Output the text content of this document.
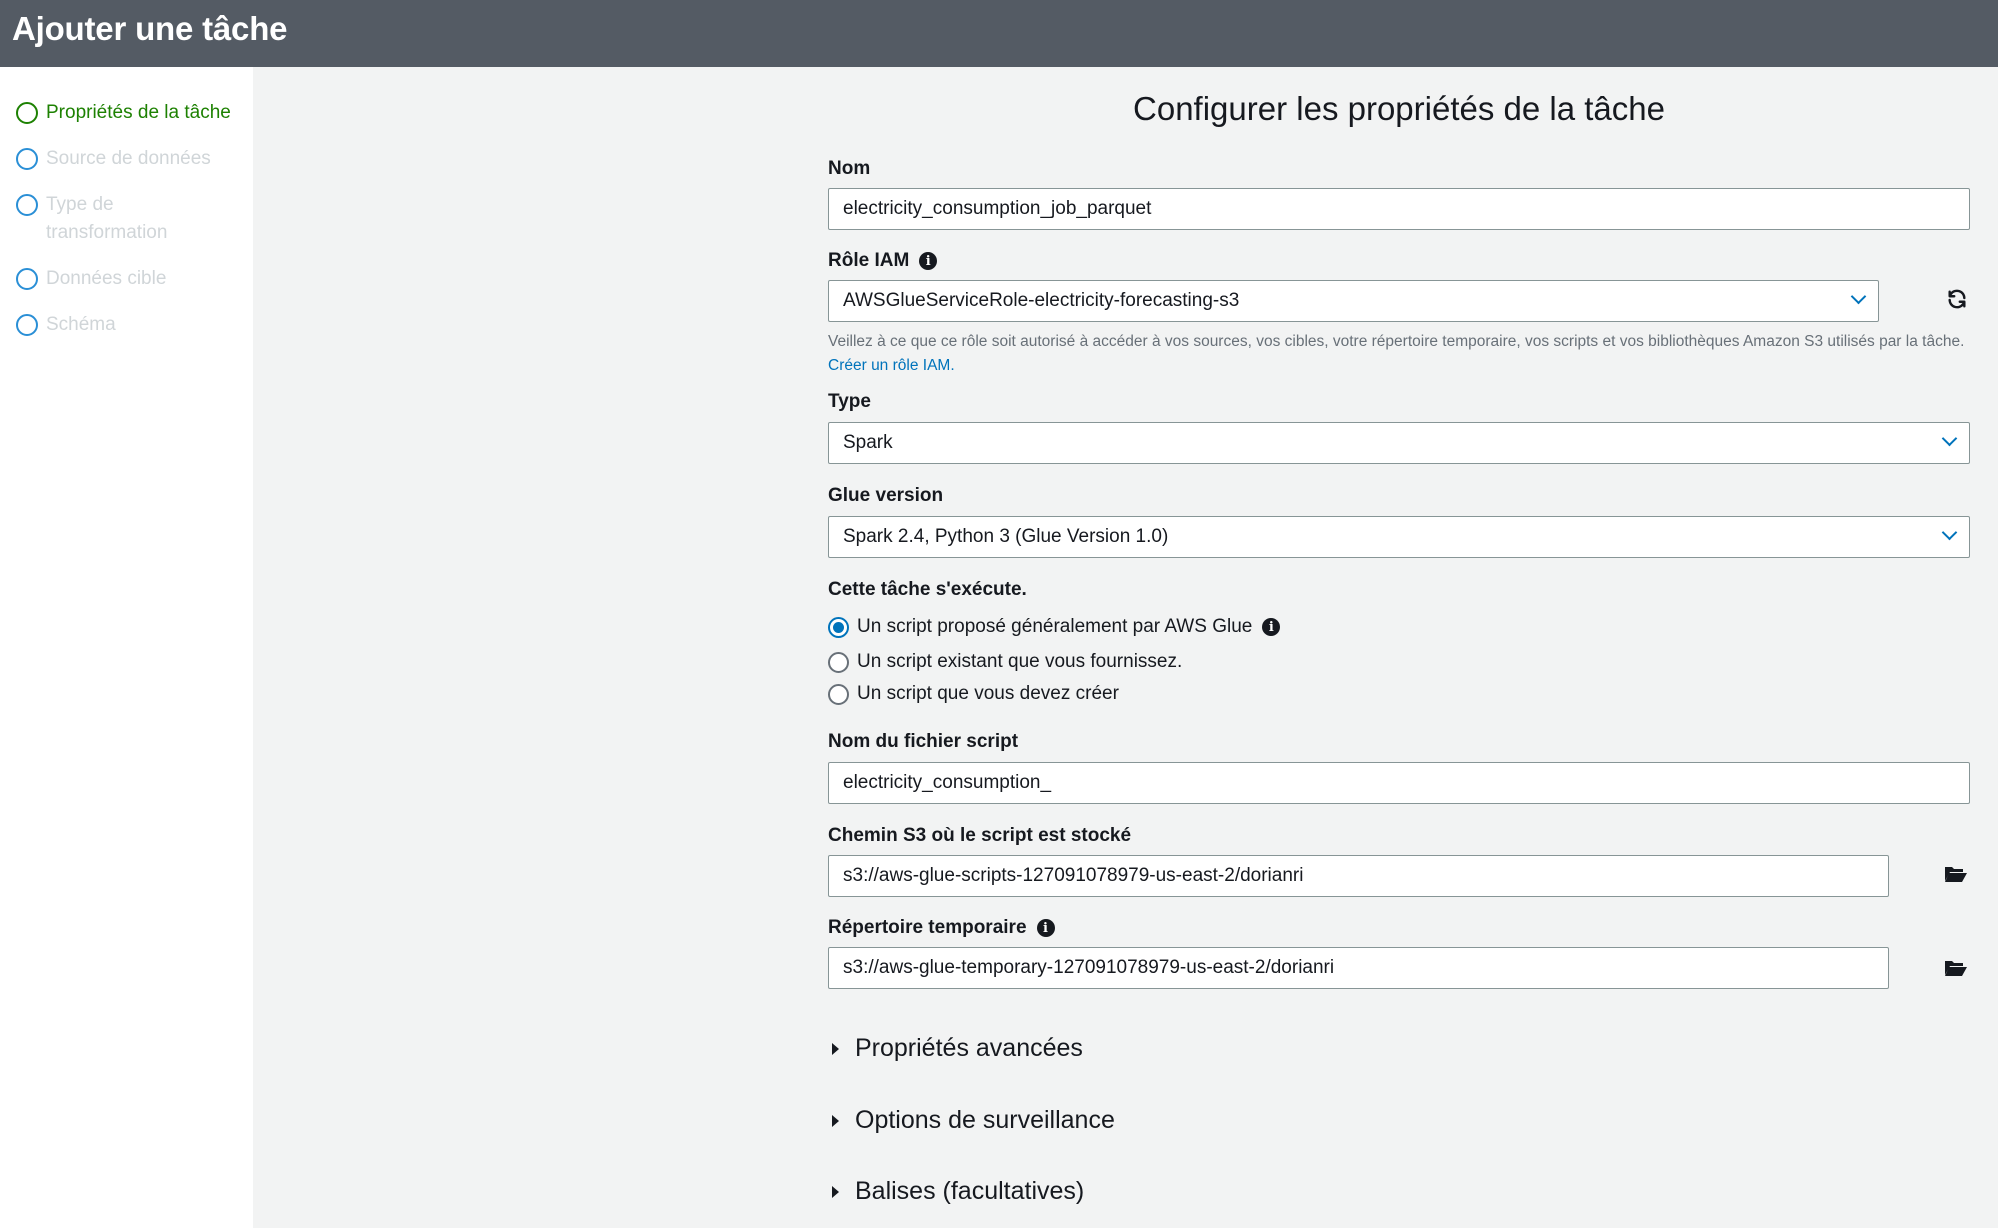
Ajouter une tâche
Propriétés de la tâche
Source de données
Type de transformation
Données cible
Schéma
Configurer les propriétés de la tâche
Nom
electricity_consumption_job_parquet
Rôle IAM	i
AWSGlueServiceRole-electricity-forecasting-s3
Veillez à ce que ce rôle soit autorisé à accéder à vos sources, vos cibles, votre répertoire temporaire, vos scripts et vos bibliothèques Amazon S3 utilisés par la tâche. Créer un rôle IAM.
Type
Spark
Glue version
Spark 2.4, Python 3 (Glue Version 1.0)
Cette tâche s'exécute.
Un script proposé généralement par AWS Glue	i
Un script existant que vous fournissez.
Un script que vous devez créer
Nom du fichier script
electricity_consumption_
Chemin S3 où le script est stocké
s3://aws-glue-scripts-127091078979-us-east-2/dorianri
Répertoire temporaire	i
s3://aws-glue-temporary-127091078979-us-east-2/dorianri
Propriétés avancées
Options de surveillance
Balises (facultatives)
